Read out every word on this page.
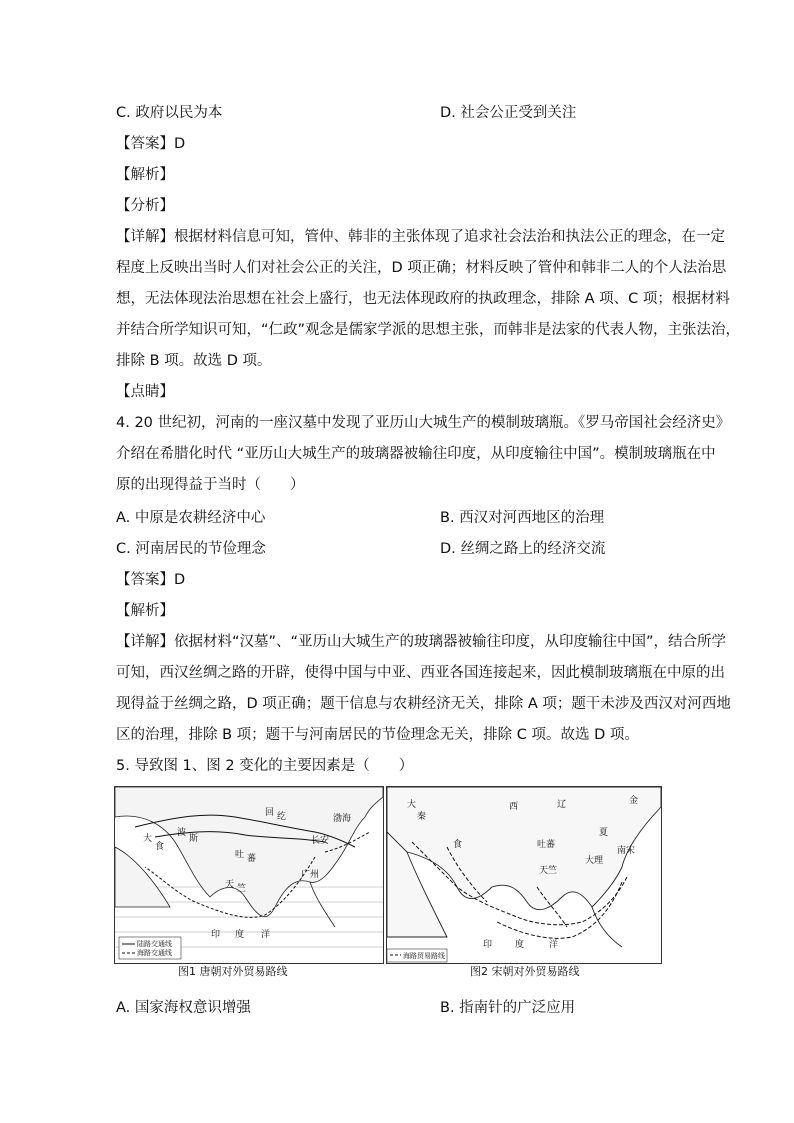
C. 政府以民为本	D. 社会公正受到关注
【答案】D
【解析】
【分析】
【详解】根据材料信息可知，管仲、韩非的主张体现了追求社会法治和执法公正的理念，在一定
程度上反映出当时人们对社会公正的关注，D 项正确；材料反映了管仲和韩非二人的个人法治思
想，无法体现法治思想在社会上盛行，也无法体现政府的执政理念，排除 A 项、C 项；根据材料
并结合所学知识可知，“仁政”观念是儒家学派的思想主张，而韩非是法家的代表人物，主张法治，
排除 B 项。故选 D 项。
【点睛】
4. 20 世纪初，河南的一座汉墓中发现了亚历山大城生产的模制玻璃瓶。《罗马帝国社会经济史》
介绍在希腊化时代 “亚历山大城生产的玻璃器被输往印度，从印度输往中国”。模制玻璃瓶在中
原的出现得益于当时（　　）
A. 中原是农耕经济中心	B. 西汉对河西地区的治理
C. 河南居民的节俭理念	D. 丝绸之路上的经济交流
【答案】D
【解析】
【详解】依据材料“汉墓”、“亚历山大城生产的玻璃器被输往印度，从印度输往中国”，结合所学
可知，西汉丝绸之路的开辟，使得中国与中亚、西亚各国连接起来，因此模制玻璃瓶在中原的出
现得益于丝绸之路，D 项正确；题干信息与农耕经济无关，排除 A 项；题干未涉及西汉对河西地
区的治理，排除 B 项；题干与河南居民的节俭理念无关，排除 C 项。故选 D 项。
5. 导致图 1、图 2 变化的主要因素是（　　）
大
食
波
斯
吐 蕃
回 纥
天 竺
印 度 洋
渤海
长安
广州
陆路交通线
海路交通线
图1 唐朝对外贸易路线
西	辽	金
夏
大
秦
吐蕃
大理
南宋
天竺
食
印	度	洋
海路贸易路线
图2 宋朝对外贸易路线
A. 国家海权意识增强	B. 指南针的广泛应用
